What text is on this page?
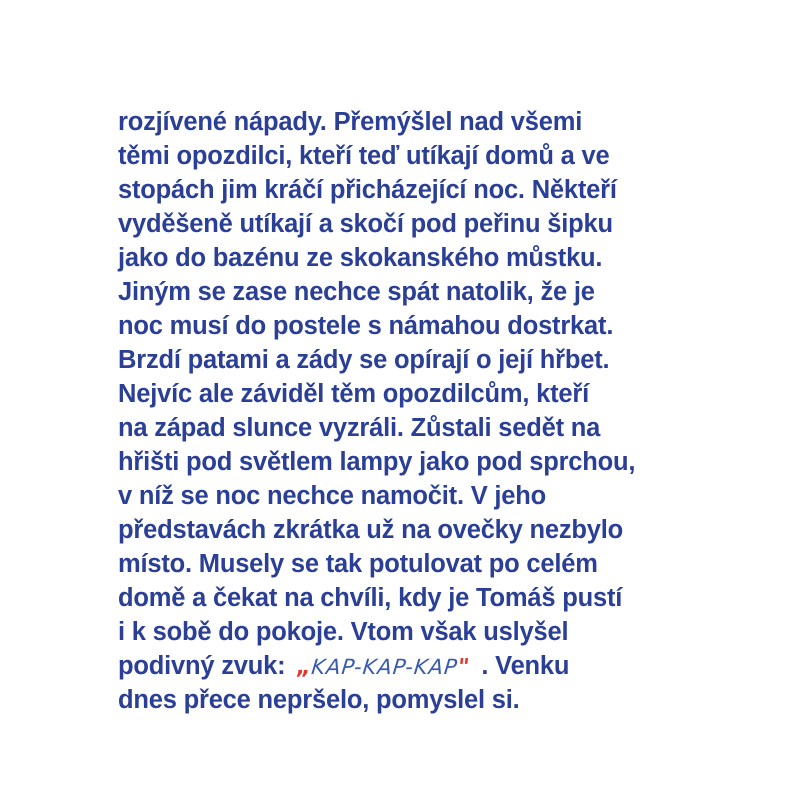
rozjívené nápady. Přemýšlel nad všemi
těmi opozdilci, kteří teď utíkají domů a ve
stopách jim kráčí přicházející noc. Někteří
vyděšeně utíkají a skočí pod peřinu šipku
jako do bazénu ze skokanského můstku.
Jiným se zase nechce spát natolik, že je
noc musí do postele s námahou dostrkat.
Brzdí patami a zády se opírají o její hřbet.
Nejvíc ale záviděl těm opozdilcům, kteří
na západ slunce vyzráli. Zůstali sedět na
hřišti pod světlem lampy jako pod sprchou,
v níž se noc nechce namočit. V jeho
představách zkrátka už na ovečky nezbylo
místo. Musely se tak potulovat po celém
domě a čekat na chvíli, kdy je Tomáš pustí
i k sobě do pokoje. Vtom však uslyšel
podivný zvuk: „KAP-KAP-KAP" . Venku
dnes přece nepršelo, pomyslel si.
